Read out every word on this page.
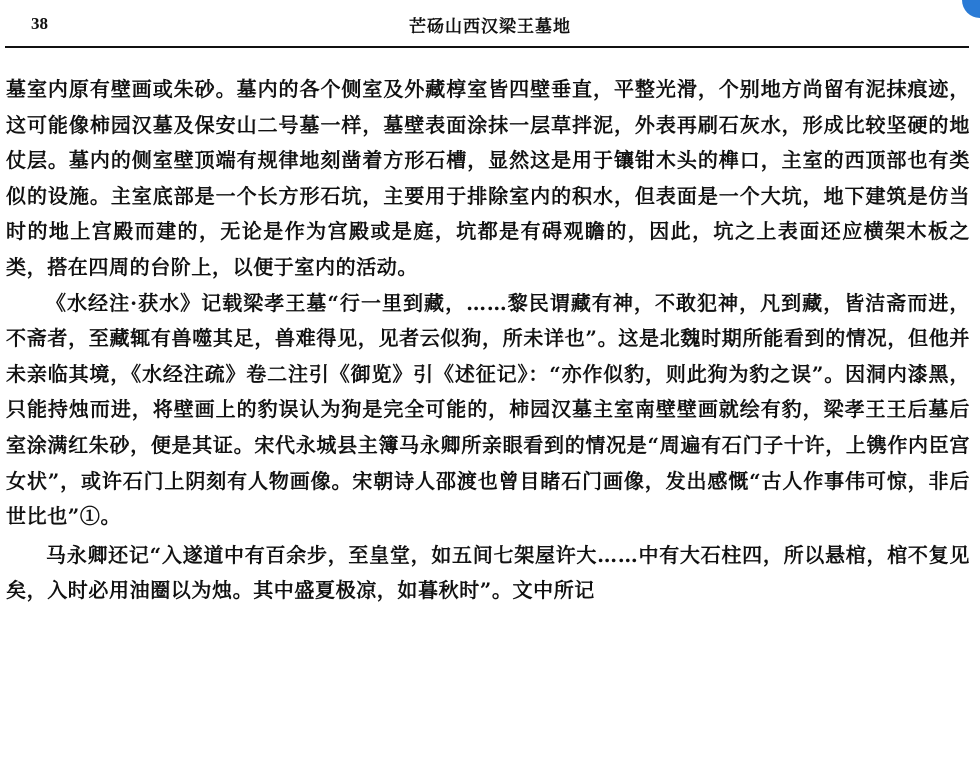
38	芒砀山西汉梁王墓地

墓室内原有壁画或朱砂。墓内的各个侧室及外藏椁室皆四壁垂直，平整光滑，个别地方尚留有泥抹痕迹，这可能像柿园汉墓及保安山二号墓一样，墓壁表面涂抹一层草拌泥，外表再刷石灰水，形成比较坚硬的地仗层。墓内的侧室壁顶端有规律地刻凿着方形石槽，显然这是用于镶钳木头的榫口，主室的西顶部也有类似的设施。主室底部是一个长方形石坑，主要用于排除室内的积水，但表面是一个大坑，地下建筑是仿当时的地上宫殿而建的，无论是作为宫殿或是庭，坑都是有碍观瞻的，因此，坑之上表面还应横架木板之类，搭在四周的台阶上，以便于室内的活动。

《水经注·获水》记载梁孝王墓“行一里到藏，……黎民谓藏有神，不敢犯神，凡到藏，皆洁斋而进，不斋者，至藏辄有兽噬其足，兽难得见，见者云似狗，所未详也”。这是北魏时期所能看到的情况，但他并未亲临其境，《水经注疏》卷二注引《御览》引《述征记》：“亦作似豹，则此狗为豹之误”。因洞内漆黑，只能持烛而进，将壁画上的豹误认为狗是完全可能的，柿园汉墓主室南壁壁画就绘有豹，梁孝王王后墓后室涂满红朱砂，便是其证。宋代永城县主簿马永卿所亲眼看到的情况是“周遍有石门子十许，上镌作内臣宫女状”，或许石门上阴刻有人物画像。宋朝诗人邵渡也曾目睹石门画像，发出感慨“古人作事伟可惊，非后世比也”①。

马永卿还记“入遂道中有百余步，至皇堂，如五间七架屋许大……中有大石柱四，所以悬棺，棺不复见矣，入时必用油圈以为烛。其中盛夏极凉，如暮秋时”。文中所记
